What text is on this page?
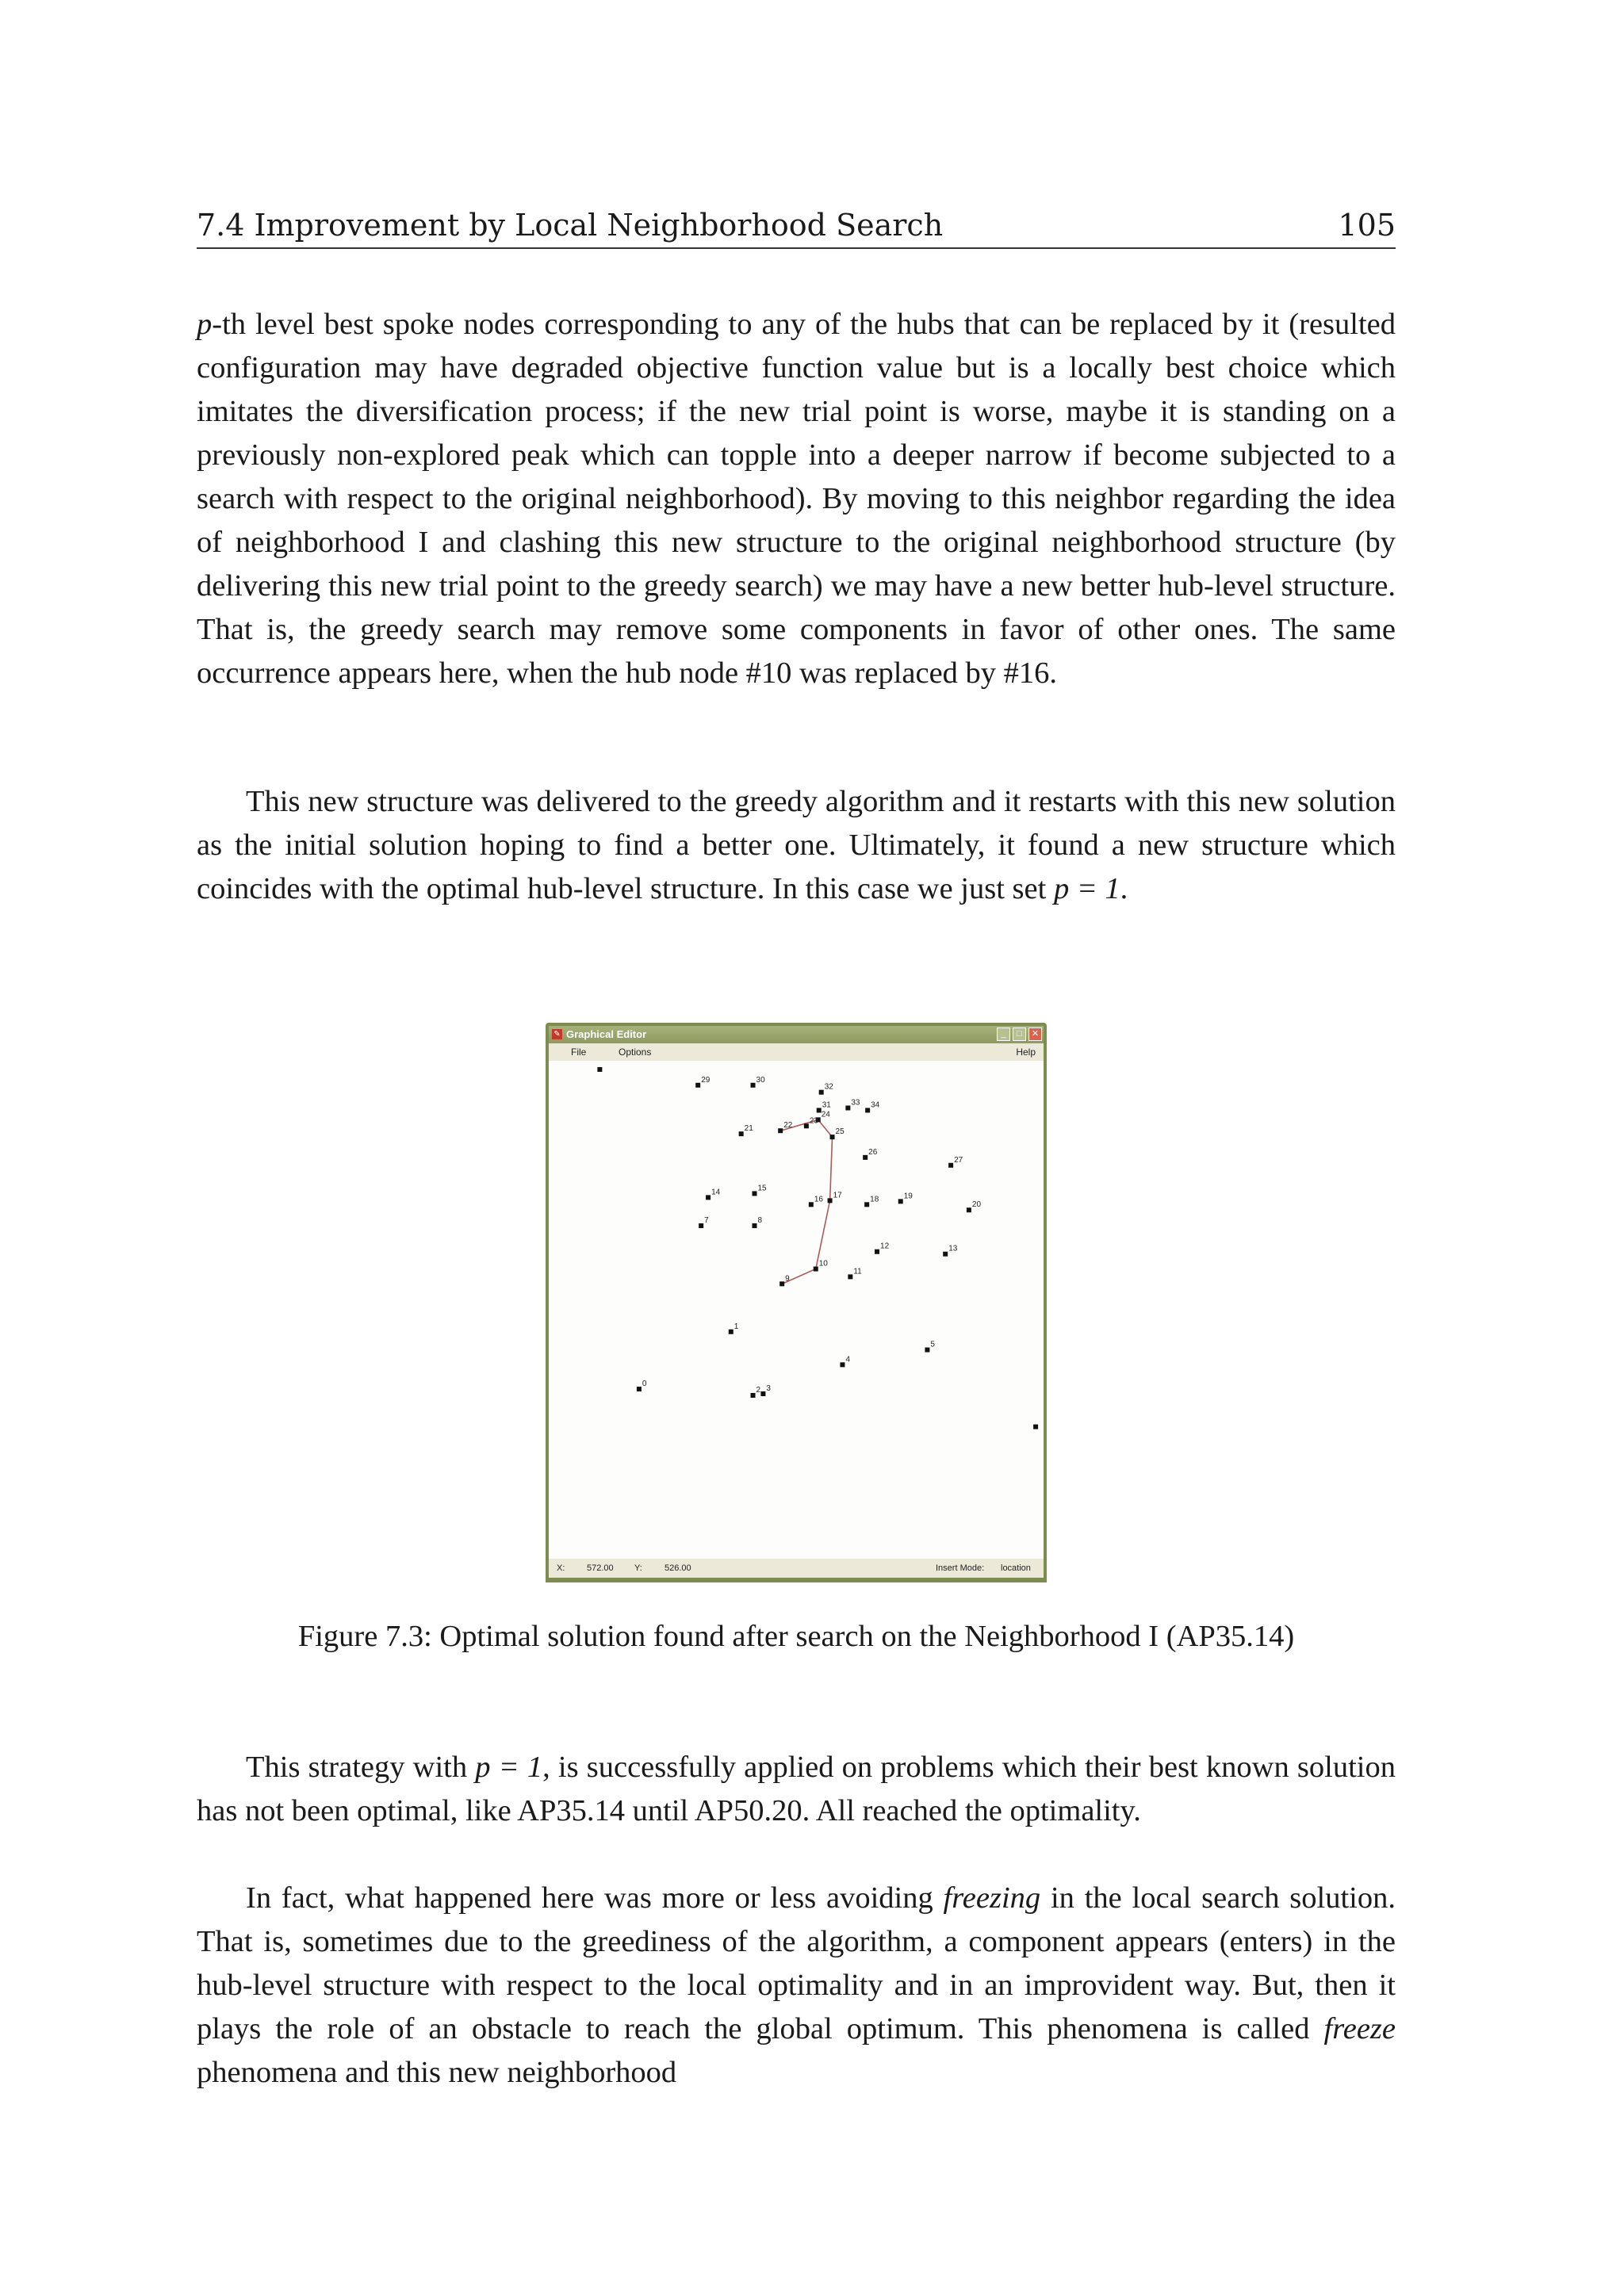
7.4 Improvement by Local Neighborhood Search	105

p-th level best spoke nodes corresponding to any of the hubs that can be replaced by it (resulted configuration may have degraded objective function value but is a locally best choice which imitates the diversification process; if the new trial point is worse, maybe it is standing on a previously non-explored peak which can topple into a deeper narrow if become subjected to a search with respect to the original neighborhood). By moving to this neighbor regarding the idea of neighborhood I and clashing this new structure to the original neighborhood structure (by delivering this new trial point to the greedy search) we may have a new better hub-level structure. That is, the greedy search may remove some components in favor of other ones. The same occurrence appears here, when the hub node #10 was replaced by #16.

This new structure was delivered to the greedy algorithm and it restarts with this new solution as the initial solution hoping to find a better one. Ultimately, it found a new structure which coincides with the optimal hub-level structure. In this case we just set p = 1.

✎ Graphical Editor	_	□	✕
File	Options	Help
29	30
32
33 34
31
24
23
22
25
21
26
27
14	15
16 17	18	19
20
7	8
12	13
10
11
9
1
5
4
0
2 3
X:	572.00 Y:	526.00	Insert Mode: location
Figure 7.3: Optimal solution found after search on the Neighborhood I (AP35.14)

This strategy with p = 1, is successfully applied on problems which their best known solution has not been optimal, like AP35.14 until AP50.20. All reached the optimality.

In fact, what happened here was more or less avoiding freezing in the local search solution. That is, sometimes due to the greediness of the algorithm, a component appears (enters) in the hub-level structure with respect to the local optimality and in an improvident way. But, then it plays the role of an obstacle to reach the global optimum. This phenomena is called freeze phenomena and this new neighborhood
